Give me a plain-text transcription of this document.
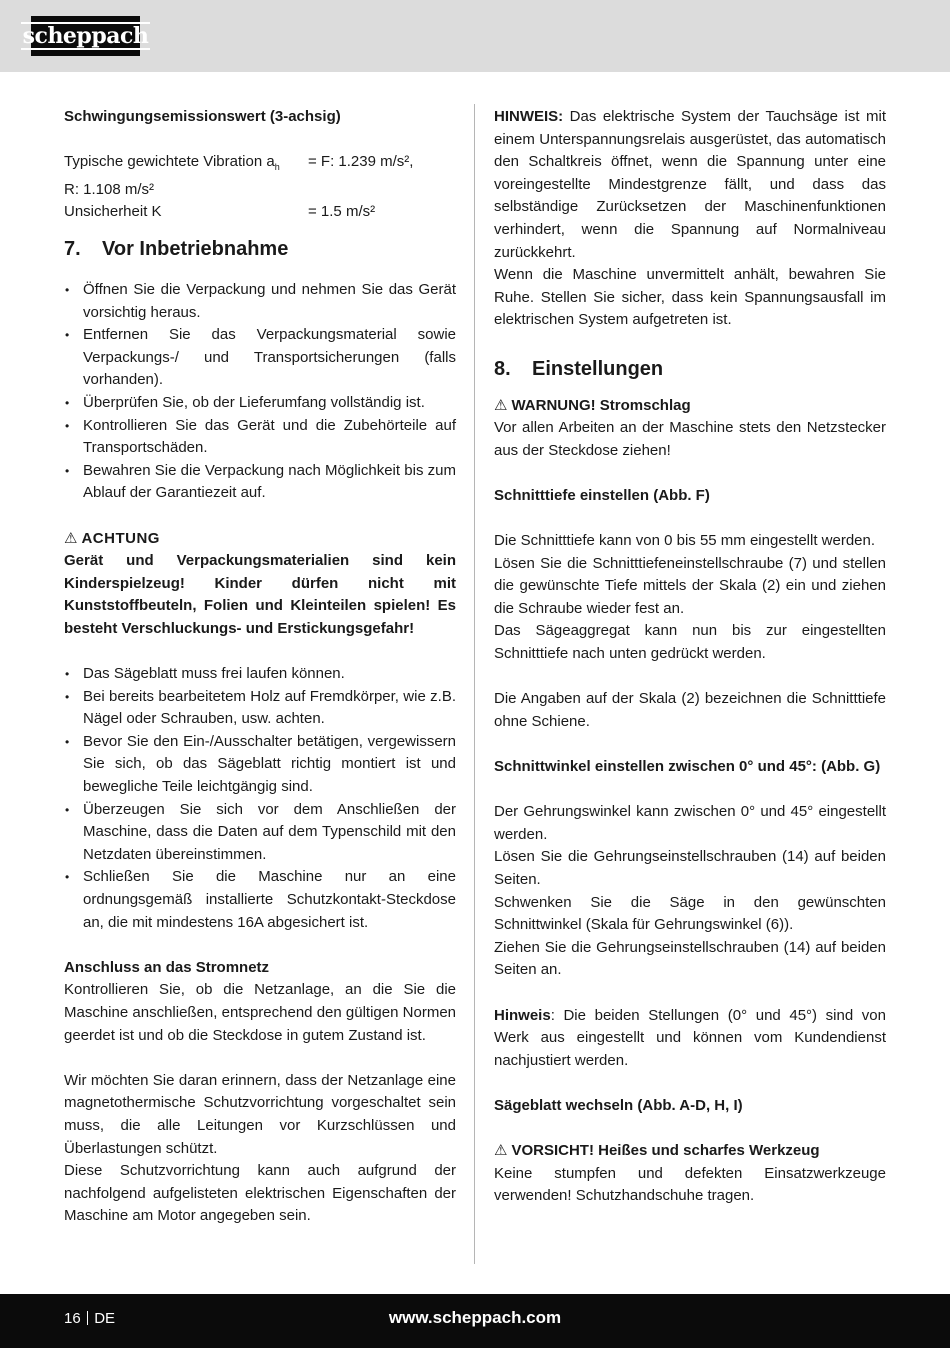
scheppach

Schwingungsemissionswert (3-achsig)

Typische gewichtete Vibration $a_h$	= F: 1.239 m/s²,

R: 1.108 m/s²

Unsicherheit K	= 1.5 m/s²
7.	Vor Inbetriebnahme
• Öffnen Sie die Verpackung und nehmen Sie das Gerät vorsichtig heraus.
• Entfernen Sie das Verpackungsmaterial sowie Verpackungs-/ und Transportsicherungen (falls vorhanden).
• Überprüfen Sie, ob der Lieferumfang vollständig ist.
• Kontrollieren Sie das Gerät und die Zubehörteile auf Transportschäden.
• Bewahren Sie die Verpackung nach Möglichkeit bis zum Ablauf der Garantiezeit auf.

⚠ ACHTUNG

Gerät und Verpackungsmaterialien sind kein Kinderspielzeug! Kinder dürfen nicht mit Kunststoffbeuteln, Folien und Kleinteilen spielen! Es besteht Verschluckungs- und Erstickungsgefahr!

• Das Sägeblatt muss frei laufen können.
• Bei bereits bearbeitetem Holz auf Fremdkörper, wie z.B. Nägel oder Schrauben, usw. achten.
• Bevor Sie den Ein-/Ausschalter betätigen, vergewissern Sie sich, ob das Sägeblatt richtig montiert ist und bewegliche Teile leichtgängig sind.
• Überzeugen Sie sich vor dem Anschließen der Maschine, dass die Daten auf dem Typenschild mit den Netzdaten übereinstimmen.
• Schließen Sie die Maschine nur an eine ordnungsgemäß installierte Schutzkontakt-Steckdose an, die mit mindestens 16A abgesichert ist.

Anschluss an das Stromnetz

Kontrollieren Sie, ob die Netzanlage, an die Sie die Maschine anschließen, entsprechend den gültigen Normen geerdet ist und ob die Steckdose in gutem Zustand ist.

Wir möchten Sie daran erinnern, dass der Netzanlage eine magnetothermische Schutzvorrichtung vorgeschaltet sein muss, die alle Leitungen vor Kurzschlüssen und Überlastungen schützt.

Diese Schutzvorrichtung kann auch aufgrund der nachfolgend aufgelisteten elektrischen Eigenschaften der Maschine am Motor angegeben sein.

HINWEIS: Das elektrische System der Tauchsäge ist mit einem Unterspannungsrelais ausgerüstet, das automatisch den Schaltkreis öffnet, wenn die Spannung unter eine voreingestellte Mindestgrenze fällt, und dass das selbständige Zurücksetzen der Maschinenfunktionen verhindert, wenn die Spannung auf Normalniveau zurückkehrt.

Wenn die Maschine unvermittelt anhält, bewahren Sie Ruhe. Stellen Sie sicher, dass kein Spannungsausfall im elektrischen System aufgetreten ist.

8.	Einstellungen

⚠ WARNUNG! Stromschlag

Vor allen Arbeiten an der Maschine stets den Netzstecker aus der Steckdose ziehen!

Schnitttiefe einstellen (Abb. F)

Die Schnitttiefe kann von 0 bis 55 mm eingestellt werden.

Lösen Sie die Schnitttiefeneinstellschraube (7) und stellen die gewünschte Tiefe mittels der Skala (2) ein und ziehen die Schraube wieder fest an.

Das Sägeaggregat kann nun bis zur eingestellten Schnitttiefe nach unten gedrückt werden.

Die Angaben auf der Skala (2) bezeichnen die Schnitttiefe ohne Schiene.

Schnittwinkel einstellen zwischen 0° und 45°: (Abb. G)

Der Gehrungswinkel kann zwischen 0° und 45° eingestellt werden.

Lösen Sie die Gehrungseinstellschrauben (14) auf beiden Seiten.

Schwenken Sie die Säge in den gewünschten Schnittwinkel (Skala für Gehrungswinkel (6)).

Ziehen Sie die Gehrungseinstellschrauben (14) auf beiden Seiten an.

Hinweis: Die beiden Stellungen (0° und 45°) sind von Werk aus eingestellt und können vom Kundendienst nachjustiert werden.

Sägeblatt wechseln (Abb. A-D, H, I)

⚠ VORSICHT! Heißes und scharfes Werkzeug

Keine stumpfen und defekten Einsatzwerkzeuge verwenden! Schutzhandschuhe tragen.

16 DE	www.scheppach.com
